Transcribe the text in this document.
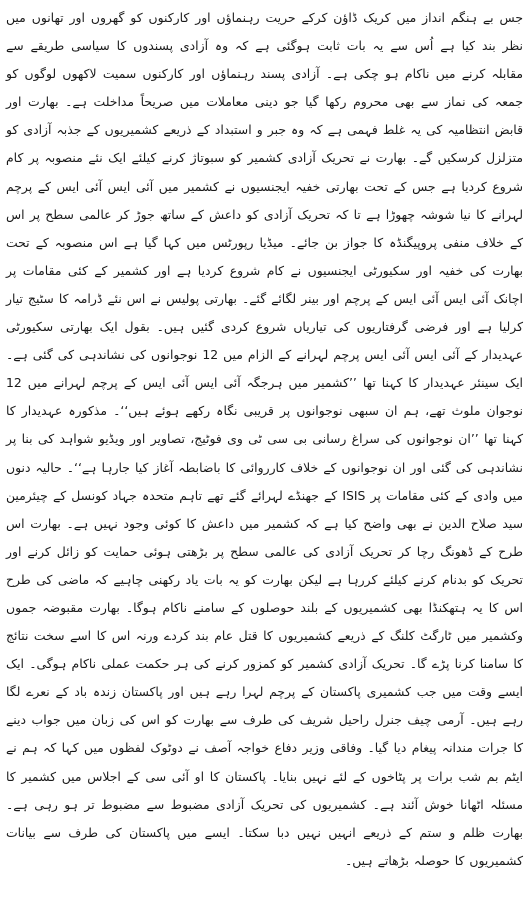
جس بے ہنگم انداز میں کریک ڈاؤن کرکے حریت رہنماؤں اور کارکنوں کو گھروں اور تھانوں میں نظر بند کیا ہے اُس سے یہ بات ثابت ہوگئی ہے کہ وہ آزادی پسندوں کا سیاسی طریقے سے مقابلہ کرنے میں ناکام ہو چکی ہے۔ آزادی پسند رہنماؤں اور کارکنوں سمیت لاکھوں لوگوں کو جمعہ کی نماز سے بھی محروم رکھا گیا جو دینی معاملات میں صریحاً مداخلت ہے۔ بھارت اور قابض انتظامیہ کی یہ غلط فہمی ہے کہ وہ جبر و استبداد کے ذریعے کشمیریوں کے جذبہ آزادی کو متزلزل کرسکیں گے۔ بھارت نے تحریک آزادی کشمیر کو سبوتاژ کرنے کیلئے ایک نئے منصوبہ پر کام شروع کردیا ہے جس کے تحت بھارتی خفیہ ایجنسیوں نے کشمیر میں آئی ایس آئی ایس کے پرچم لہرانے کا نیا شوشہ چھوڑا ہے تا کہ تحریک آزادی کو داعش کے ساتھ جوڑ کر عالمی سطح پر اس کے خلاف منفی پروپیگنڈہ کا جواز بن جائے۔ میڈیا رپورٹس میں کہا گیا ہے اس منصوبہ کے تحت بھارت کی خفیہ اور سکیورٹی ایجنسیوں نے کام شروع کردیا ہے اور کشمیر کے کئی مقامات پر اچانک آئی ایس آئی ایس کے پرچم اور بینر لگائے گئے۔ بھارتی پولیس نے اس نئے ڈرامہ کا سٹیج تیار کرلیا ہے اور فرضی گرفتاریوں کی تیاریاں شروع کردی گئیں ہیں۔ بقول ایک بھارتی سکیورٹی عہدیدار کے آئی ایس آئی ایس پرچم لہرانے کے الزام میں 12 نوجوانوں کی نشاندہی کی گئی ہے۔ ایک سینئر عہدیدار کا کہنا تھا ’’کشمیر میں ہرجگہ آئی ایس آئی ایس کے پرچم لہرانے میں 12 نوجوان ملوث تھے، ہم ان سبھی نوجوانوں پر قریبی نگاہ رکھے ہوئے ہیں‘‘۔ مذکورہ عہدیدار کا کہنا تھا ’’ان نوجوانوں کی سراغ رسانی بی سی ٹی وی فوٹیج، تصاویر اور ویڈیو شواہد کی بنا پر نشاندہی کی گئی اور ان نوجوانوں کے خلاف کارروائی کا باضابطہ آغاز کیا جارہا ہے‘‘۔ حالیہ دنوں میں وادی کے کئی مقامات پر ISIS کے جھنڈے لہرائے گئے تھے تاہم متحدہ جہاد کونسل کے چیئرمین سید صلاح الدین نے بھی واضح کیا ہے کہ کشمیر میں داعش کا کوئی وجود نہیں ہے۔ بھارت اس طرح کے ڈھونگ رچا کر تحریک آزادی کی عالمی سطح پر بڑھتی ہوئی حمایت کو زائل کرنے اور تحریک کو بدنام کرنے کیلئے کررہا ہے لیکن بھارت کو یہ بات یاد رکھنی چاہیے کہ ماضی کی طرح اس کا یہ ہتھکنڈا بھی کشمیریوں کے بلند حوصلوں کے سامنے ناکام ہوگا۔ بھارت مقبوضہ جموں وکشمیر میں ٹارگٹ کلنگ کے ذریعے کشمیریوں کا قتل عام بند کردے ورنہ اس کا اسے سخت نتائج کا سامنا کرنا پڑے گا۔ تحریک آزادی کشمیر کو کمزور کرنے کی ہر حکمت عملی ناکام ہوگی۔ ایک ایسے وقت میں جب کشمیری پاکستان کے پرچم لہرا رہے ہیں اور پاکستان زندہ باد کے نعرے لگا رہے ہیں۔ آرمی چیف جنرل راحیل شریف کی طرف سے بھارت کو اس کی زبان میں جواب دینے کا جرات مندانہ پیغام دیا گیا۔ وفاقی وزیر دفاع خواجہ آصف نے دوٹوک لفظوں میں کہا کہ ہم نے ایٹم بم شب برات پر پٹاخوں کے لئے نہیں بنایا۔ پاکستان کا او آئی سی کے اجلاس میں کشمیر کا مسئلہ اٹھانا خوش آئند ہے۔ کشمیریوں کی تحریک آزادی مضبوط سے مضبوط تر ہو رہی ہے۔ بھارت ظلم و ستم کے ذریعے انہیں نہیں دبا سکتا۔ ایسے میں پاکستان کی طرف سے بیانات کشمیریوں کا حوصلہ بڑھاتے ہیں۔
